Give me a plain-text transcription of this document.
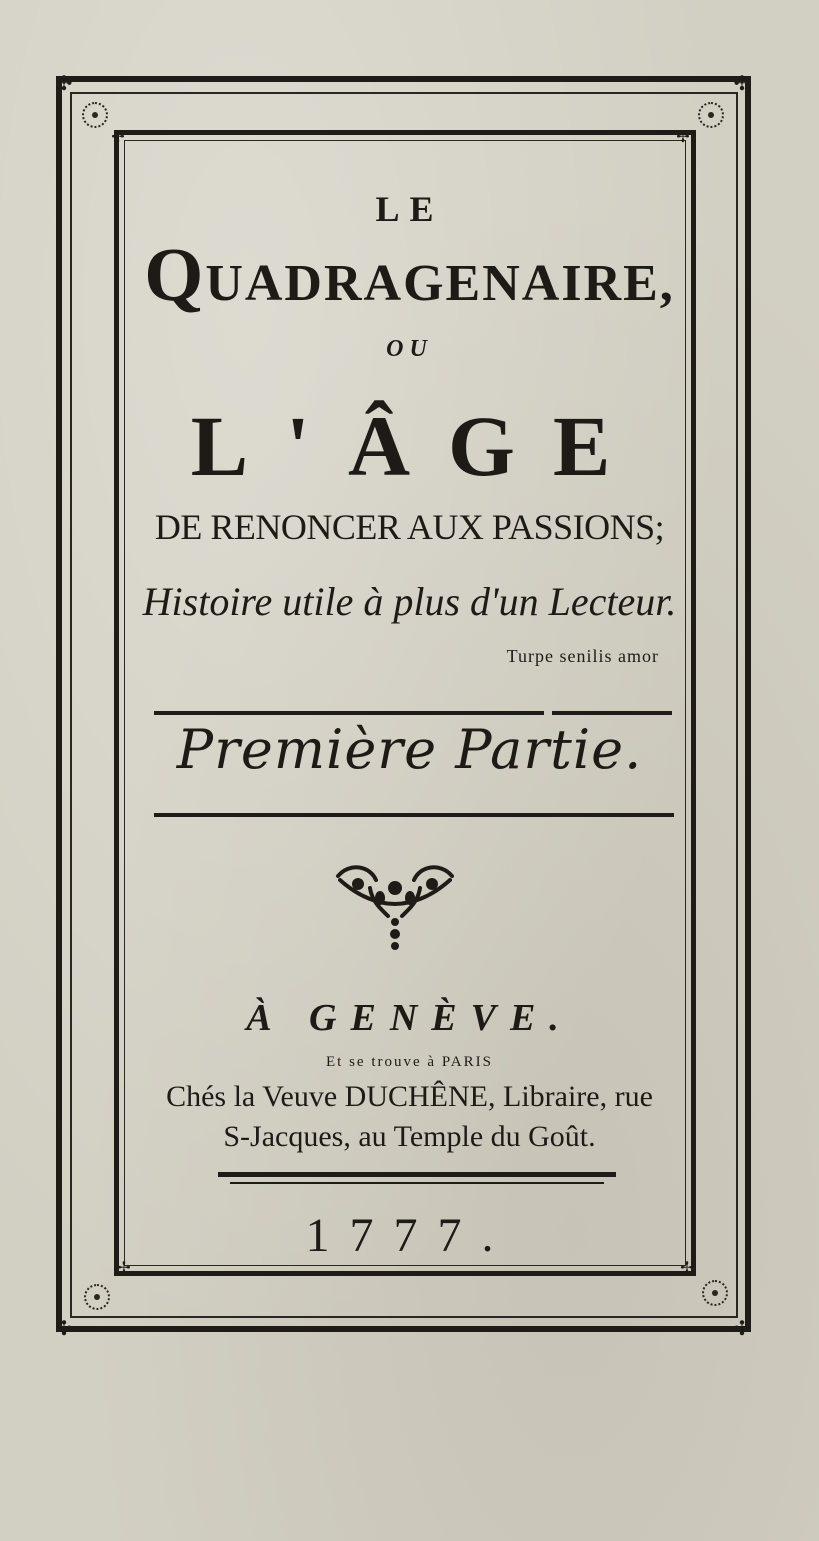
✣	✣
✣	✣
✢	✢
✢	✢
LE
QUADRAGENAIRE,
OU
L'ÂGE
DE RENONCER AUX PASSIONS;
Histoire utile à plus d'un Lecteur.
Turpe senilis amor
Première Partie.
À GENÈVE.
Et se trouve à PARIS
Chés la Veuve DUCHÊNE, Libraire, rue
S-Jacques, au Temple du Goût.
1777.
